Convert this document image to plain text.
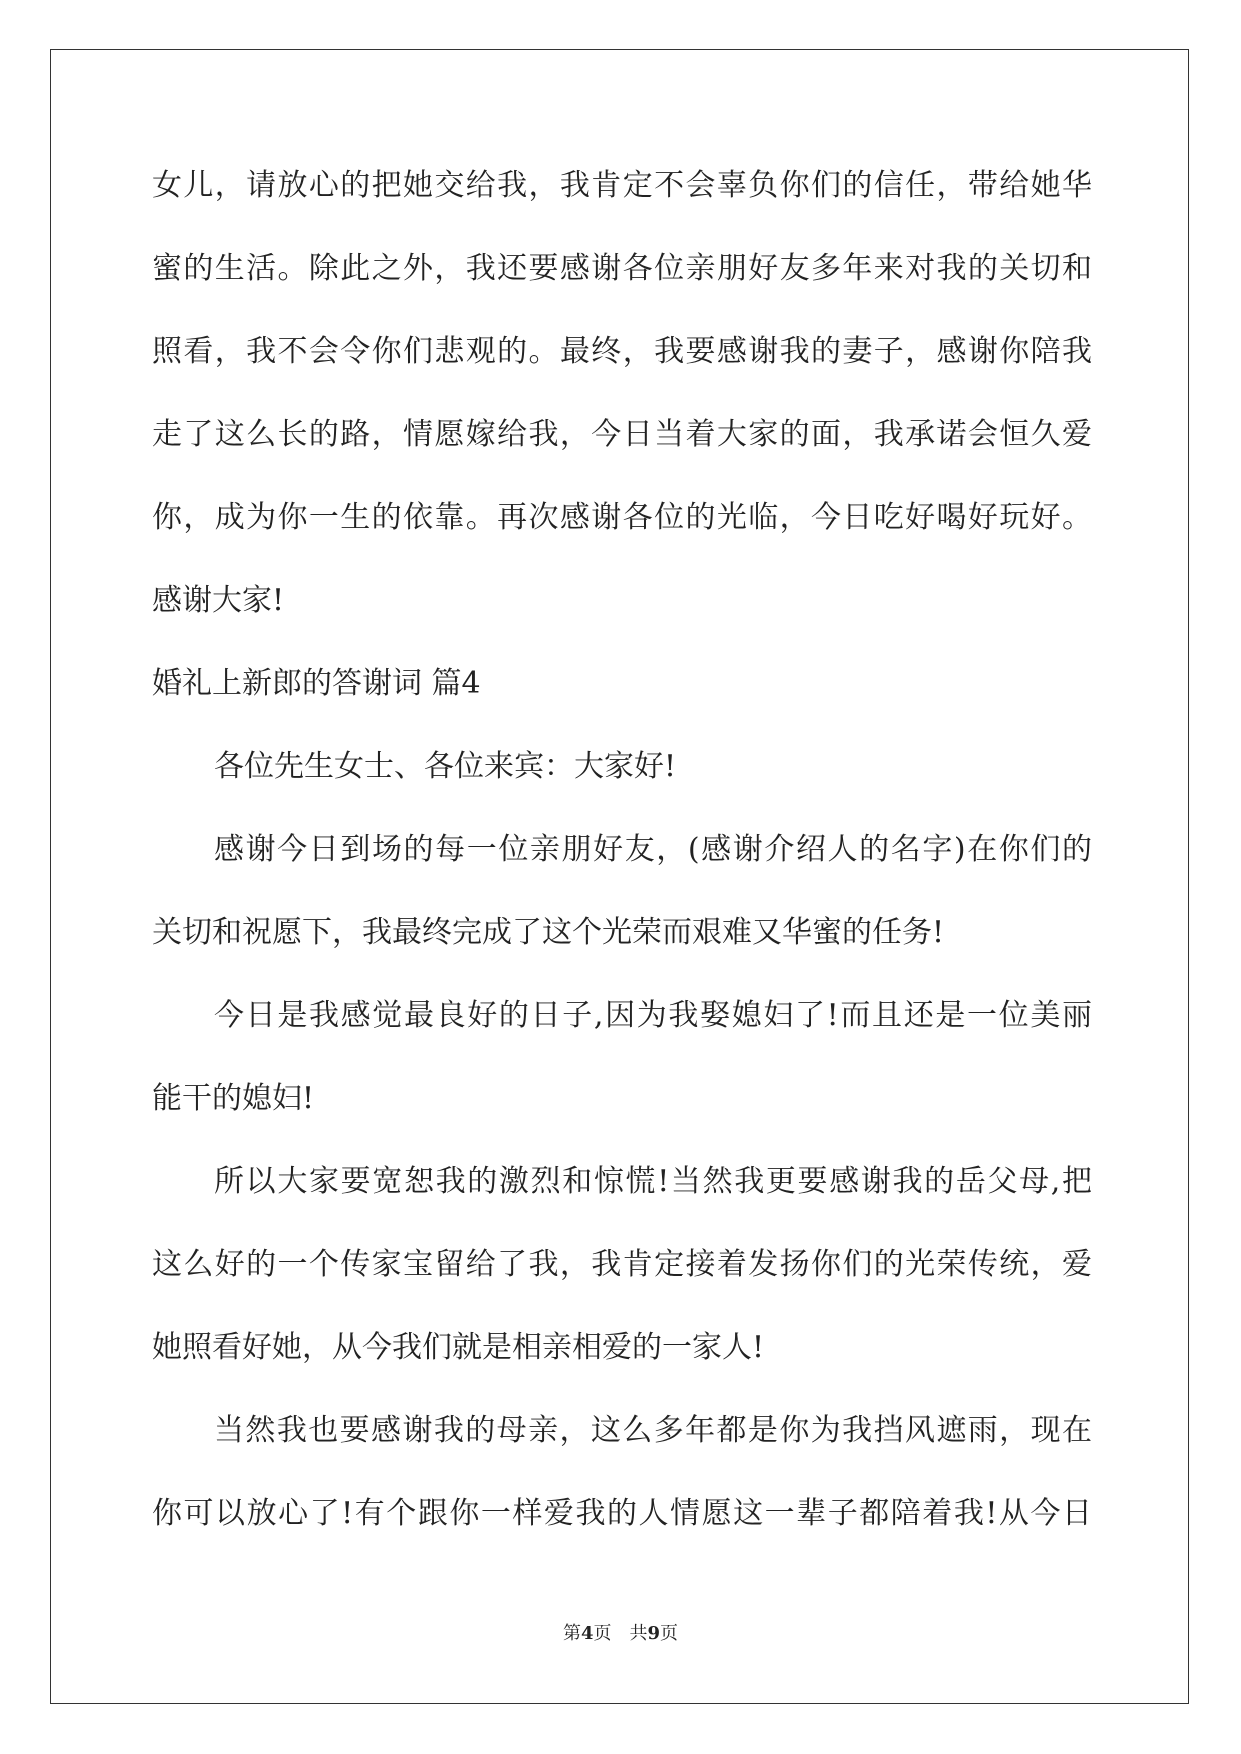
女儿，请放心的把她交给我，我肯定不会辜负你们的信任，带给她华
蜜的生活。除此之外，我还要感谢各位亲朋好友多年来对我的关切和
照看，我不会令你们悲观的。最终，我要感谢我的妻子，感谢你陪我
走了这么长的路，情愿嫁给我，今日当着大家的面，我承诺会恒久爱
你，成为你一生的依靠。再次感谢各位的光临，今日吃好喝好玩好。
感谢大家!
婚礼上新郎的答谢词 篇4
各位先生女士、各位来宾：大家好!
感谢今日到场的每一位亲朋好友，(感谢介绍人的名字)在你们的
关切和祝愿下，我最终完成了这个光荣而艰难又华蜜的任务!
今日是我感觉最良好的日子,因为我娶媳妇了!而且还是一位美丽
能干的媳妇!
所以大家要宽恕我的激烈和惊慌!当然我更要感谢我的岳父母,把
这么好的一个传家宝留给了我，我肯定接着发扬你们的光荣传统，爱
她照看好她，从今我们就是相亲相爱的一家人!
当然我也要感谢我的母亲，这么多年都是你为我挡风遮雨，现在
你可以放心了!有个跟你一样爱我的人情愿这一辈子都陪着我!从今日
第4页 共9页
